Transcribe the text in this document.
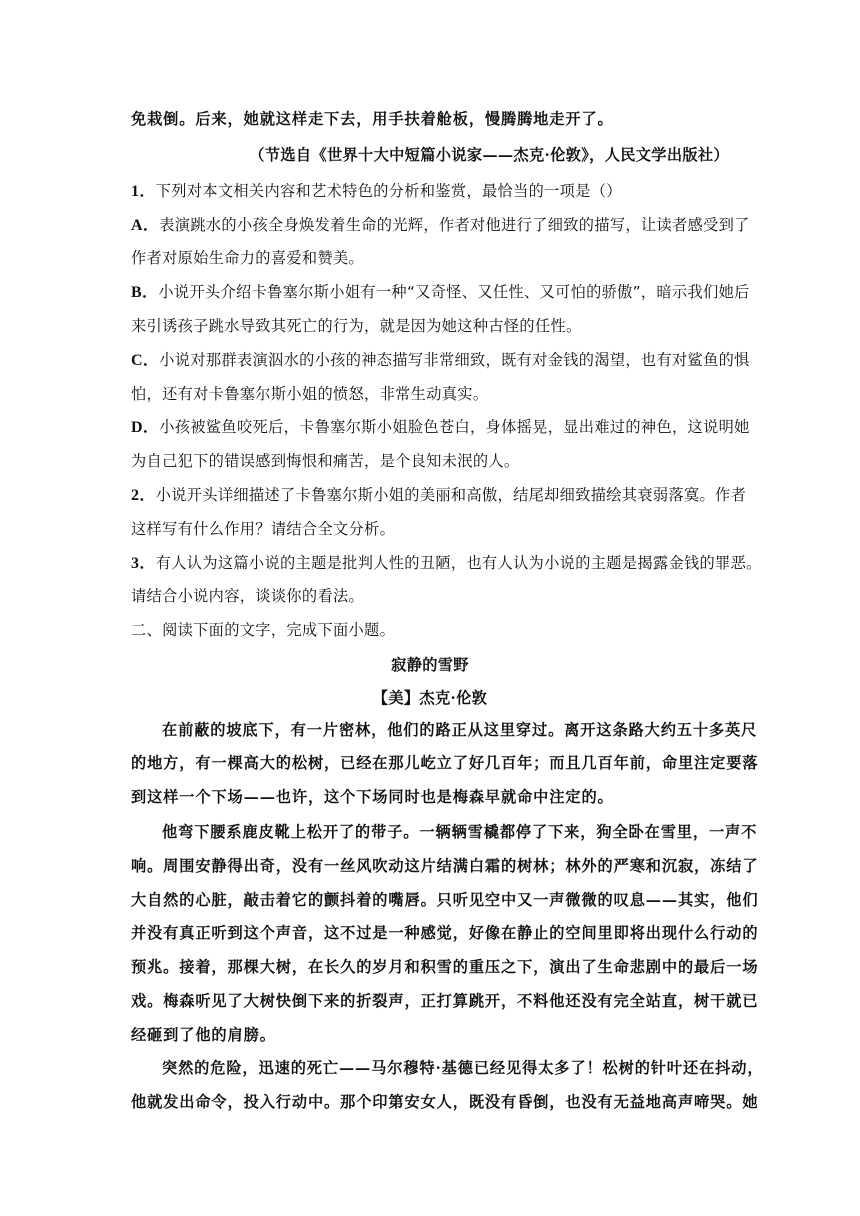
免栽倒。后来，她就这样走下去，用手扶着舱板，慢腾腾地走开了。
（节选自《世界十大中短篇小说家——杰克·伦敦》，人民文学出版社）
1．下列对本文相关内容和艺术特色的分析和鉴赏，最恰当的一项是（）
A．表演跳水的小孩全身焕发着生命的光辉，作者对他进行了细致的描写，让读者感受到了
作者对原始生命力的喜爱和赞美。
B．小说开头介绍卡鲁塞尔斯小姐有一种“又奇怪、又任性、又可怕的骄傲”，暗示我们她后
来引诱孩子跳水导致其死亡的行为，就是因为她这种古怪的任性。
C．小说对那群表演泅水的小孩的神态描写非常细致，既有对金钱的渴望，也有对鲨鱼的惧
怕，还有对卡鲁塞尔斯小姐的愤怒，非常生动真实。
D．小孩被鲨鱼咬死后，卡鲁塞尔斯小姐脸色苍白，身体摇晃，显出难过的神色，这说明她
为自己犯下的错误感到悔恨和痛苦，是个良知未泯的人。
2．小说开头详细描述了卡鲁塞尔斯小姐的美丽和高傲，结尾却细致描绘其衰弱落寞。作者
这样写有什么作用？请结合全文分析。
3．有人认为这篇小说的主题是批判人性的丑陋，也有人认为小说的主题是揭露金钱的罪恶。
请结合小说内容，谈谈你的看法。
二、阅读下面的文字，完成下面小题。
寂静的雪野
【美】杰克·伦敦
在前蔽的坡底下，有一片密林，他们的路正从这里穿过。离开这条路大约五十多英尺
的地方，有一棵高大的松树，已经在那儿屹立了好几百年；而且几百年前，命里注定要落
到这样一个下场——也许，这个下场同时也是梅森早就命中注定的。
他弯下腰系鹿皮靴上松开了的带子。一辆辆雪橇都停了下来，狗全卧在雪里，一声不
响。周围安静得出奇，没有一丝风吹动这片结满白霜的树林；林外的严寒和沉寂，冻结了
大自然的心脏，敲击着它的颤抖着的嘴唇。只听见空中又一声微微的叹息——其实，他们
并没有真正听到这个声音，这不过是一种感觉，好像在静止的空间里即将出现什么行动的
预兆。接着，那棵大树，在长久的岁月和积雪的重压之下，演出了生命悲剧中的最后一场
戏。梅森听见了大树快倒下来的折裂声，正打算跳开，不料他还没有完全站直，树干就已
经砸到了他的肩膀。
突然的危险，迅速的死亡——马尔穆特·基德已经见得太多了！松树的针叶还在抖动，
他就发出命令，投入行动中。那个印第安女人，既没有昏倒，也没有无益地高声啼哭。她
